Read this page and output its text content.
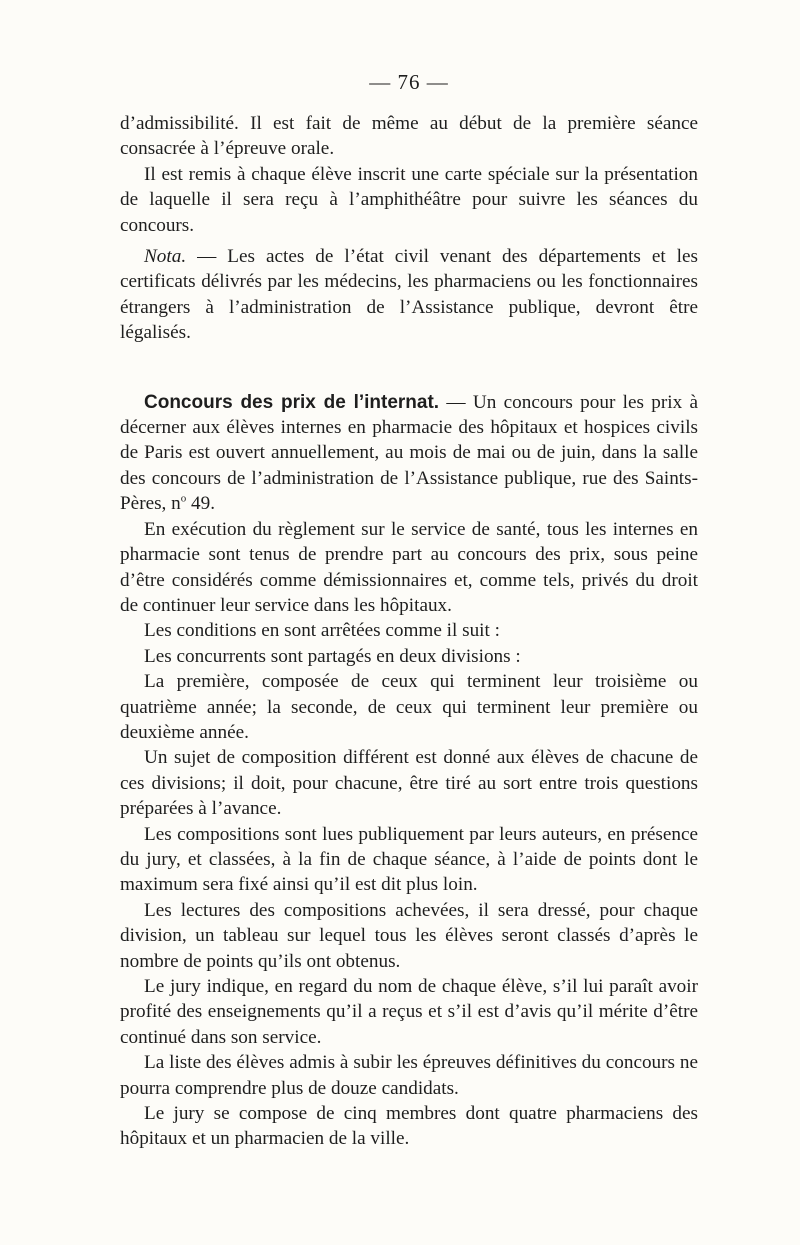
— 76 —

d’admissibilité. Il est fait de même au début de la première séance consacrée à l’épreuve orale.

Il est remis à chaque élève inscrit une carte spéciale sur la présentation de laquelle il sera reçu à l’amphithéâtre pour suivre les séances du concours.

Nota. — Les actes de l’état civil venant des départements et les certificats délivrés par les médecins, les pharmaciens ou les fonctionnaires étrangers à l’administration de l’Assistance publique, devront être légalisés.

Concours des prix de l’internat. — Un concours pour les prix à décerner aux élèves internes en pharmacie des hôpitaux et hospices civils de Paris est ouvert annuellement, au mois de mai ou de juin, dans la salle des concours de l’administration de l’Assistance publique, rue des Saints-Pères, $n^o$ 49.

En exécution du règlement sur le service de santé, tous les internes en pharmacie sont tenus de prendre part au concours des prix, sous peine d’être considérés comme démissionnaires et, comme tels, privés du droit de continuer leur service dans les hôpitaux.

Les conditions en sont arrêtées comme il suit :

Les concurrents sont partagés en deux divisions :

La première, composée de ceux qui terminent leur troisième ou quatrième année; la seconde, de ceux qui terminent leur première ou deuxième année.

Un sujet de composition différent est donné aux élèves de chacune de ces divisions; il doit, pour chacune, être tiré au sort entre trois questions préparées à l’avance.

Les compositions sont lues publiquement par leurs auteurs, en présence du jury, et classées, à la fin de chaque séance, à l’aide de points dont le maximum sera fixé ainsi qu’il est dit plus loin.

Les lectures des compositions achevées, il sera dressé, pour chaque division, un tableau sur lequel tous les élèves seront classés d’après le nombre de points qu’ils ont obtenus.

Le jury indique, en regard du nom de chaque élève, s’il lui paraît avoir profité des enseignements qu’il a reçus et s’il est d’avis qu’il mérite d’être continué dans son service.

La liste des élèves admis à subir les épreuves définitives du concours ne pourra comprendre plus de douze candidats.

Le jury se compose de cinq membres dont quatre pharmaciens des hôpitaux et un pharmacien de la ville.
